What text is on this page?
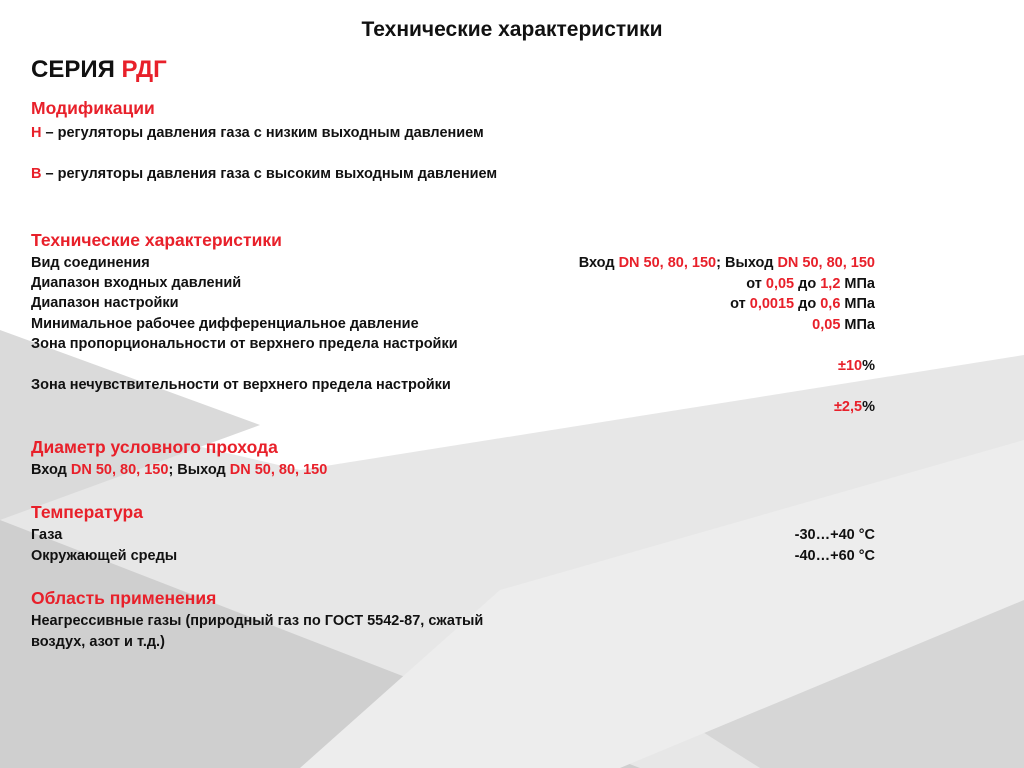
Технические характеристики
СЕРИЯ РДГ
Модификации
Н – регуляторы давления газа с низким выходным давлением
В – регуляторы давления газа с высоким выходным давлением
Технические характеристики
Вид соединения	Вход DN 50, 80, 150; Выход DN 50, 80, 150
Диапазон входных давлений	от 0,05 до 1,2 МПа
Диапазон настройки	от 0,0015 до 0,6 МПа
Минимальное рабочее дифференциальное давление	0,05 МПа
Зона пропорциональности от верхнего предела настройки
±10%
Зона нечувствительности от верхнего предела настройки
±2,5%
Диаметр условного прохода
Вход DN 50, 80, 150; Выход DN 50, 80, 150
Температура
Газа	-30…+40 °C
Окружающей среды	-40…+60 °C
Область применения
Неагрессивные газы (природный газ по ГОСТ 5542-87, сжатый воздух, азот и т.д.)
